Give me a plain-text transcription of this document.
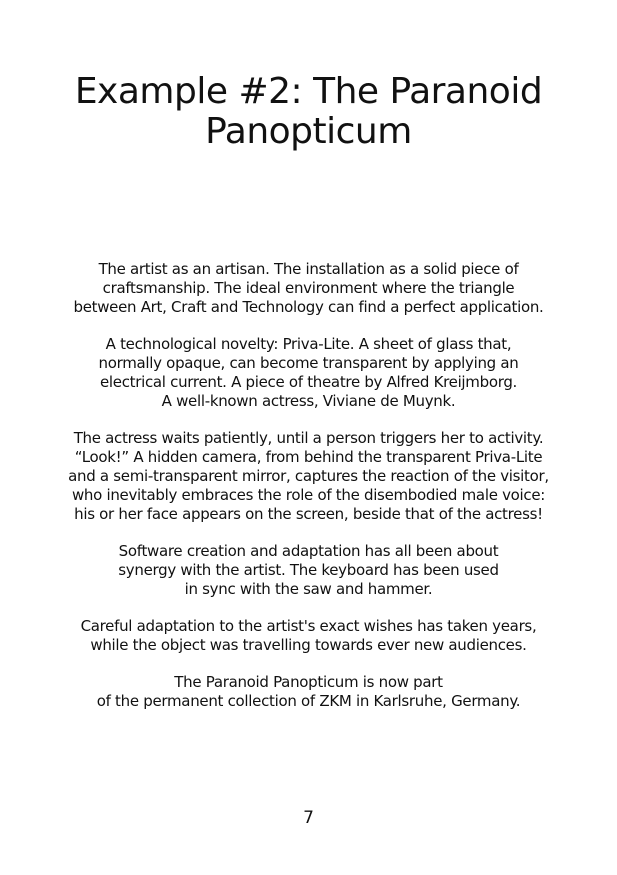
Example #2: The Paranoid
Panopticum

The artist as an artisan. The installation as a solid piece of
craftsmanship. The ideal environment where the triangle
between Art, Craft and Technology can find a perfect application.

A technological novelty: Priva-Lite. A sheet of glass that,
normally opaque, can become transparent by applying an
electrical current. A piece of theatre by Alfred Kreijmborg.
A well-known actress, Viviane de Muynk.

The actress waits patiently, until a person triggers her to activity.
“Look!” A hidden camera, from behind the transparent Priva-Lite
and a semi-transparent mirror, captures the reaction of the visitor,
who inevitably embraces the role of the disembodied male voice:
his or her face appears on the screen, beside that of the actress!

Software creation and adaptation has all been about
synergy with the artist. The keyboard has been used
in sync with the saw and hammer.

Careful adaptation to the artist's exact wishes has taken years,
while the object was travelling towards ever new audiences.

The Paranoid Panopticum is now part
of the permanent collection of ZKM in Karlsruhe, Germany.

7
